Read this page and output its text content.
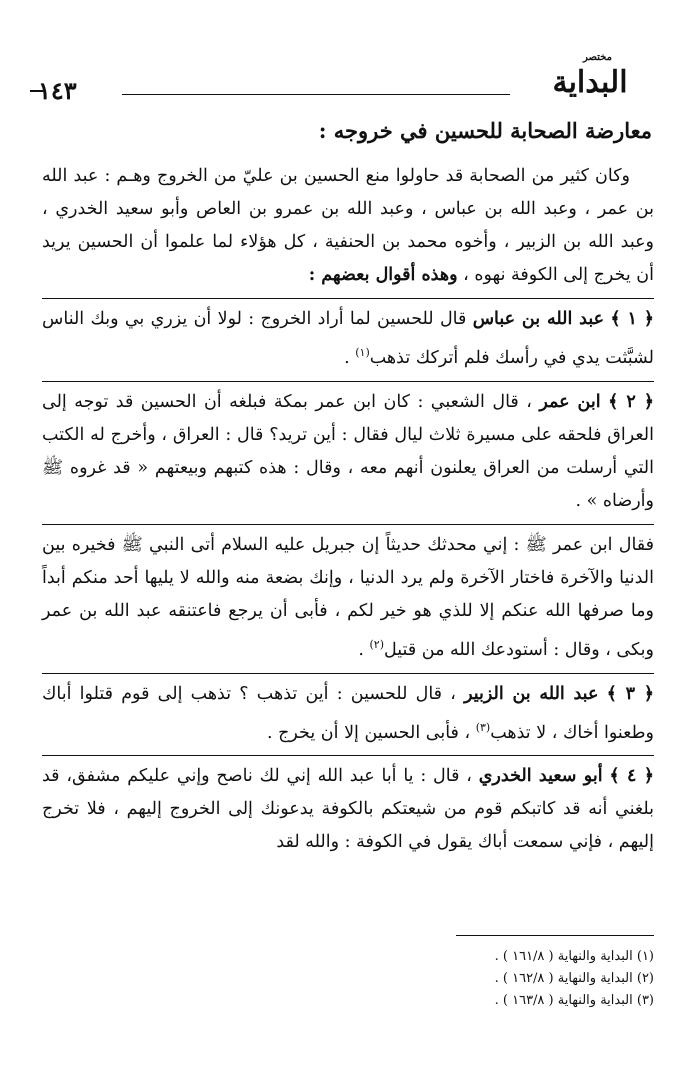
مختصر
البداية
١٤٣
معارضة الصحابة للحسين في خروجه :

وكان كثير من الصحابة قد حاولوا منع الحسين بن عليّ من الخروج وهـم : عبد الله بن عمر ، وعبد الله بن عباس ، وعبد الله بن عمرو بن العاص وأبو سعيد الخدري ، وعبد الله بن الزبير ، وأخوه محمد بن الحنفية ، كل هؤلاء لما علموا أن الحسين يريد أن يخرج إلى الكوفة نهوه ، وهذه أقوال بعضهم :

﴿ ١ ﴾ عبد الله بن عباس قال للحسين لما أراد الخروج : لولا أن يزري بي وبك الناس لشبَّثت يدي في رأسك فلم أتركك تذهب$^{(١)}$ .

﴿ ٢ ﴾ ابن عمر ، قال الشعبي : كان ابن عمر بمكة فبلغه أن الحسين قد توجه إلى العراق فلحقه على مسيرة ثلاث ليال فقال : أين تريد؟ قال : العراق ، وأخرج له الكتب التي أرسلت من العراق يعلنون أنهم معه ، وقال : هذه كتبهم وبيعتهم « قد غروه ﷺ وأرضاه » .

فقال ابن عمر ﷺ : إني محدثك حديثاً إن جبريل عليه السلام أتى النبي ﷺ فخيره بين الدنيا والآخرة فاختار الآخرة ولم يرد الدنيا ، وإنك بضعة منه والله لا يليها أحد منكم أبداً وما صرفها الله عنكم إلا للذي هو خير لكم ، فأبى أن يرجع فاعتنقه عبد الله بن عمر وبكى ، وقال : أستودعك الله من قتيل$^{(٢)}$ .

﴿ ٣ ﴾ عبد الله بن الزبير ، قال للحسين : أين تذهب ؟ تذهب إلى قوم قتلوا أباك وطعنوا أخاك ، لا تذهب$^{(٣)}$ ، فأبى الحسين إلا أن يخرج .

﴿ ٤ ﴾ أبو سعيد الخدري ، قال : يا أبا عبد الله إني لك ناصح وإني عليكم مشفق، قد بلغني أنه قد كاتبكم قوم من شيعتكم بالكوفة يدعونك إلى الخروج إليهم ، فلا تخرج إليهم ، فإني سمعت أباك يقول في الكوفة : والله لقد

(١) البداية والنهاية ( ١٦١/٨ ) .
(٢) البداية والنهاية ( ١٦٢/٨ ) .
(٣) البداية والنهاية ( ١٦٣/٨ ) .
